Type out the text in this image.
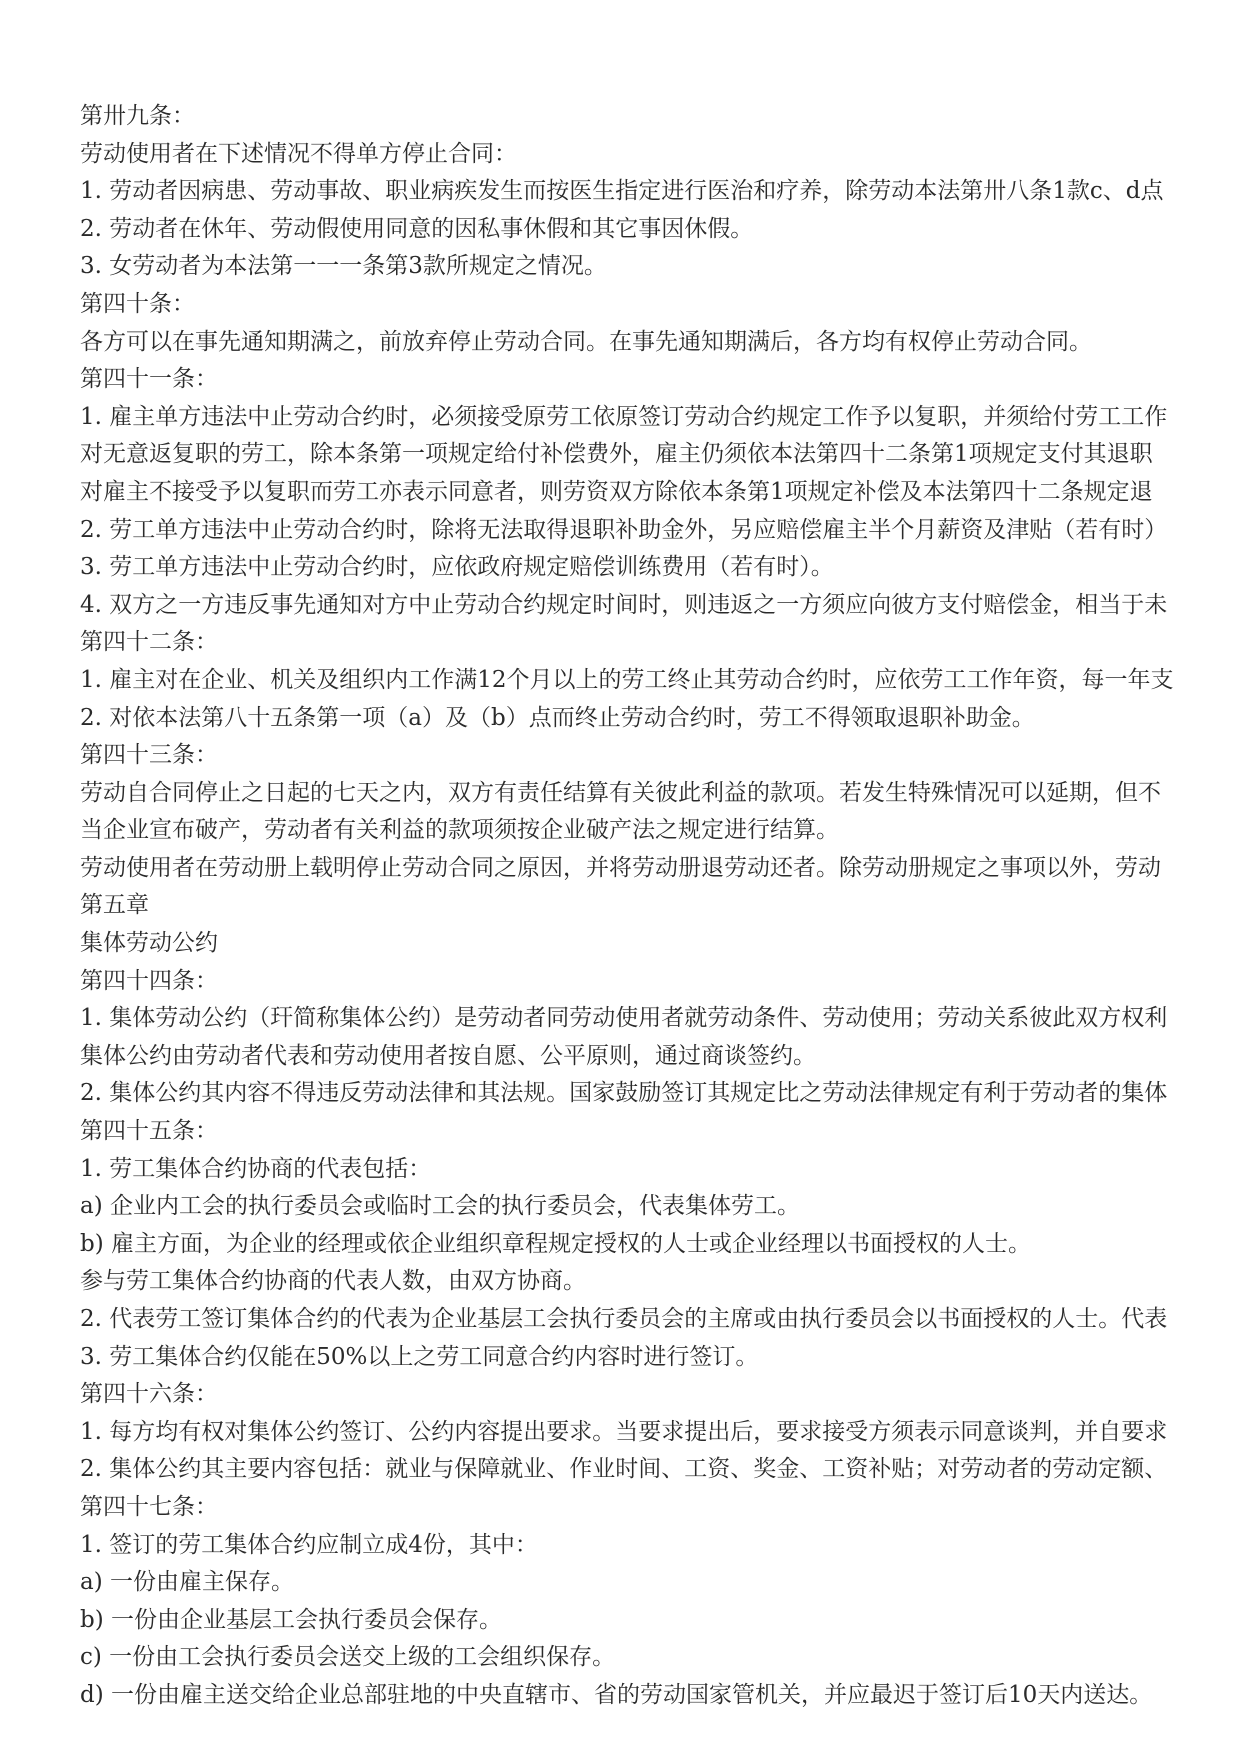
第卅九条：
劳动使用者在下述情况不得单方停止合同：
1. 劳动者因病患、劳动事故、职业病疾发生而按医生指定进行医治和疗养，除劳动本法第卅八条1款c、d点
2. 劳动者在休年、劳动假使用同意的因私事休假和其它事因休假。
3. 女劳动者为本法第一一一条第3款所规定之情况。
第四十条：
各方可以在事先通知期满之，前放弃停止劳动合同。在事先通知期满后，各方均有权停止劳动合同。
第四十一条：
1. 雇主单方违法中止劳动合约时，必须接受原劳工依原签订劳动合约规定工作予以复职，并须给付劳工工作
对无意返复职的劳工，除本条第一项规定给付补偿费外，雇主仍须依本法第四十二条第1项规定支付其退职
对雇主不接受予以复职而劳工亦表示同意者，则劳资双方除依本条第1项规定补偿及本法第四十二条规定退
2. 劳工单方违法中止劳动合约时，除将无法取得退职补助金外，另应赔偿雇主半个月薪资及津贴（若有时）
3. 劳工单方违法中止劳动合约时，应依政府规定赔偿训练费用（若有时）。
4. 双方之一方违反事先通知对方中止劳动合约规定时间时，则违返之一方须应向彼方支付赔偿金，相当于未
第四十二条：
1. 雇主对在企业、机关及组织内工作满12个月以上的劳工终止其劳动合约时，应依劳工工作年资，每一年支
2. 对依本法第八十五条第一项（a）及（b）点而终止劳动合约时，劳工不得领取退职补助金。
第四十三条：
劳动自合同停止之日起的七天之内，双方有责任结算有关彼此利益的款项。若发生特殊情况可以延期，但不
当企业宣布破产，劳动者有关利益的款项须按企业破产法之规定进行结算。
劳动使用者在劳动册上载明停止劳动合同之原因，并将劳动册退劳动还者。除劳动册规定之事项以外，劳动
第五章
集体劳动公约
第四十四条：
1. 集体劳动公约（玕简称集体公约）是劳动者同劳动使用者就劳动条件、劳动使用；劳动关系彼此双方权利
集体公约由劳动者代表和劳动使用者按自愿、公平原则，通过商谈签约。
2. 集体公约其内容不得违反劳动法律和其法规。国家鼓励签订其规定比之劳动法律规定有利于劳动者的集体
第四十五条：
1. 劳工集体合约协商的代表包括：
a) 企业内工会的执行委员会或临时工会的执行委员会，代表集体劳工。
b) 雇主方面，为企业的经理或依企业组织章程规定授权的人士或企业经理以书面授权的人士。
参与劳工集体合约协商的代表人数，由双方协商。
2. 代表劳工签订集体合约的代表为企业基层工会执行委员会的主席或由执行委员会以书面授权的人士。代表
3. 劳工集体合约仅能在50%以上之劳工同意合约内容时进行签订。
第四十六条：
1. 每方均有权对集体公约签订、公约内容提出要求。当要求提出后，要求接受方须表示同意谈判，并自要求
2. 集体公约其主要内容包括：就业与保障就业、作业时间、工资、奖金、工资补贴；对劳动者的劳动定额、
第四十七条：
1. 签订的劳工集体合约应制立成4份，其中：
a) 一份由雇主保存。
b) 一份由企业基层工会执行委员会保存。
c) 一份由工会执行委员会送交上级的工会组织保存。
d) 一份由雇主送交给企业总部驻地的中央直辖市、省的劳动国家管机关，并应最迟于签订后10天内送达。
